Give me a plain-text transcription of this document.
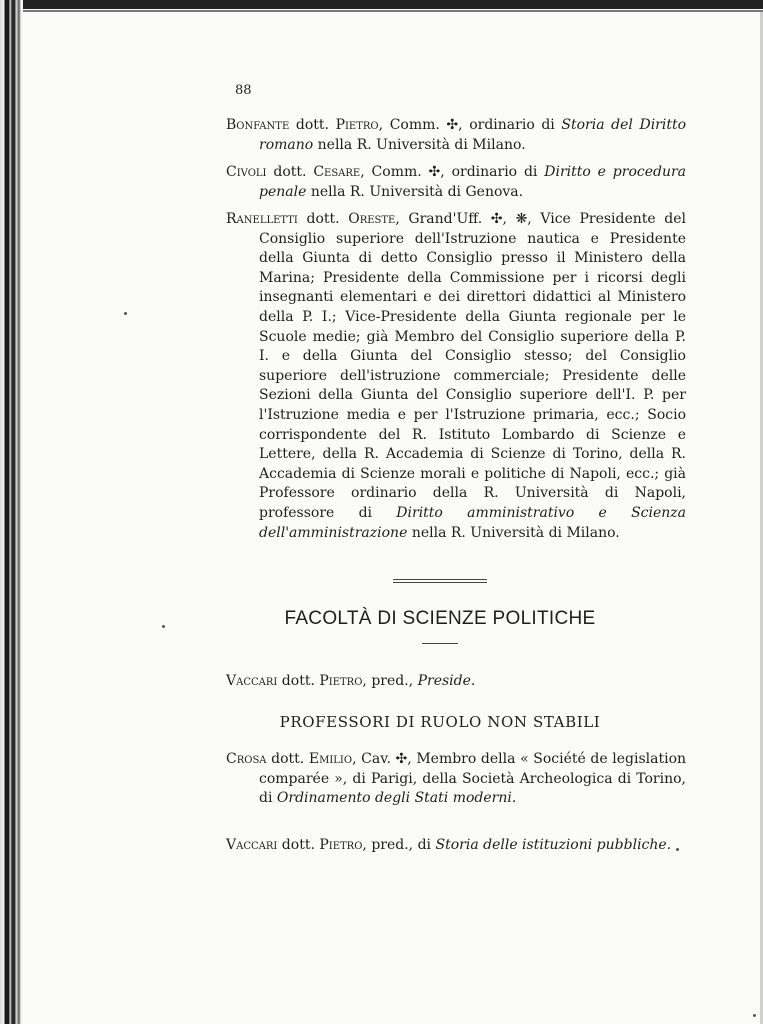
88

Bonfante dott. Pietro, Comm. ✣, ordinario di Storia del Diritto romano nella R. Università di Milano.

Civoli dott. Cesare, Comm. ✣, ordinario di Diritto e procedura penale nella R. Università di Genova.

Ranelletti dott. Oreste, Grand'Uff. ✣, ❋, Vice Presidente del Consiglio superiore dell'Istruzione nautica e Presidente della Giunta di detto Consiglio presso il Ministero della Marina; Presidente della Commissione per i ricorsi degli insegnanti elementari e dei direttori didattici al Ministero della P. I.; Vice-Presidente della Giunta regionale per le Scuole medie; già Membro del Consiglio superiore della P. I. e della Giunta del Consiglio stesso; del Consiglio superiore dell'istruzione commerciale; Presidente delle Sezioni della Giunta del Consiglio superiore dell'I. P. per l'Istruzione media e per l'Istruzione primaria, ecc.; Socio corrispondente del R. Istituto Lombardo di Scienze e Lettere, della R. Accademia di Scienze di Torino, della R. Accademia di Scienze morali e politiche di Napoli, ecc.; già Professore ordinario della R. Università di Napoli, professore di Diritto amministrativo e Scienza dell'amministrazione nella R. Università di Milano.

FACOLTÀ DI SCIENZE POLITICHE

Vaccari dott. Pietro, pred., Preside.

PROFESSORI DI RUOLO NON STABILI

Crosa dott. Emilio, Cav. ✣, Membro della « Société de legislation comparée », di Parigi, della Società Archeologica di Torino, di Ordinamento degli Stati moderni.

Vaccari dott. Pietro, pred., di Storia delle istituzioni pubbliche.
